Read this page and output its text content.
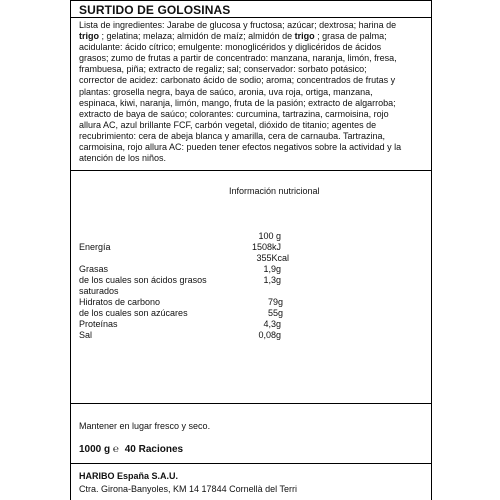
SURTIDO DE GOLOSINAS
Lista de ingredientes: Jarabe de glucosa y fructosa; azúcar; dextrosa; harina de
trigo ; gelatina; melaza; almidón de maíz; almidón de trigo ; grasa de palma;
acidulante: ácido cítrico; emulgente: monoglicéridos y diglicéridos de ácidos
grasos; zumo de frutas a partir de concentrado: manzana, naranja, limón, fresa,
frambuesa, piña; extracto de regaliz; sal; conservador: sorbato potásico;
corrector de acidez: carbonato ácido de sodio; aroma; concentrados de frutas y
plantas: grosella negra, baya de saúco, aronia, uva roja, ortiga, manzana,
espinaca, kiwi, naranja, limón, mango, fruta de la pasión; extracto de algarroba;
extracto de baya de saúco; colorantes: curcumina, tartrazina, carmoisina, rojo
allura AC, azul brillante FCF, carbón vegetal, dióxido de titanio; agentes de
recubrimiento: cera de abeja blanca y amarilla, cera de carnauba. Tartrazina,
carmoisina, rojo allura AC: pueden tener efectos negativos sobre la actividad y la
atención de los niños.
Información nutricional
100 g
Energía	1508kJ
355Kcal
Grasas	1,9g
de los cuales son ácidos grasos	1,3g
saturados
Hidratos de carbono	79g
de los cuales son azúcares	55g
Proteínas	4,3g
Sal	0,08g
Mantener en lugar fresco y seco.
1000 g ℮ 40 Raciones
HARIBO España S.A.U.
Ctra. Girona-Banyoles, KM 14 17844 Cornellà del Terri
